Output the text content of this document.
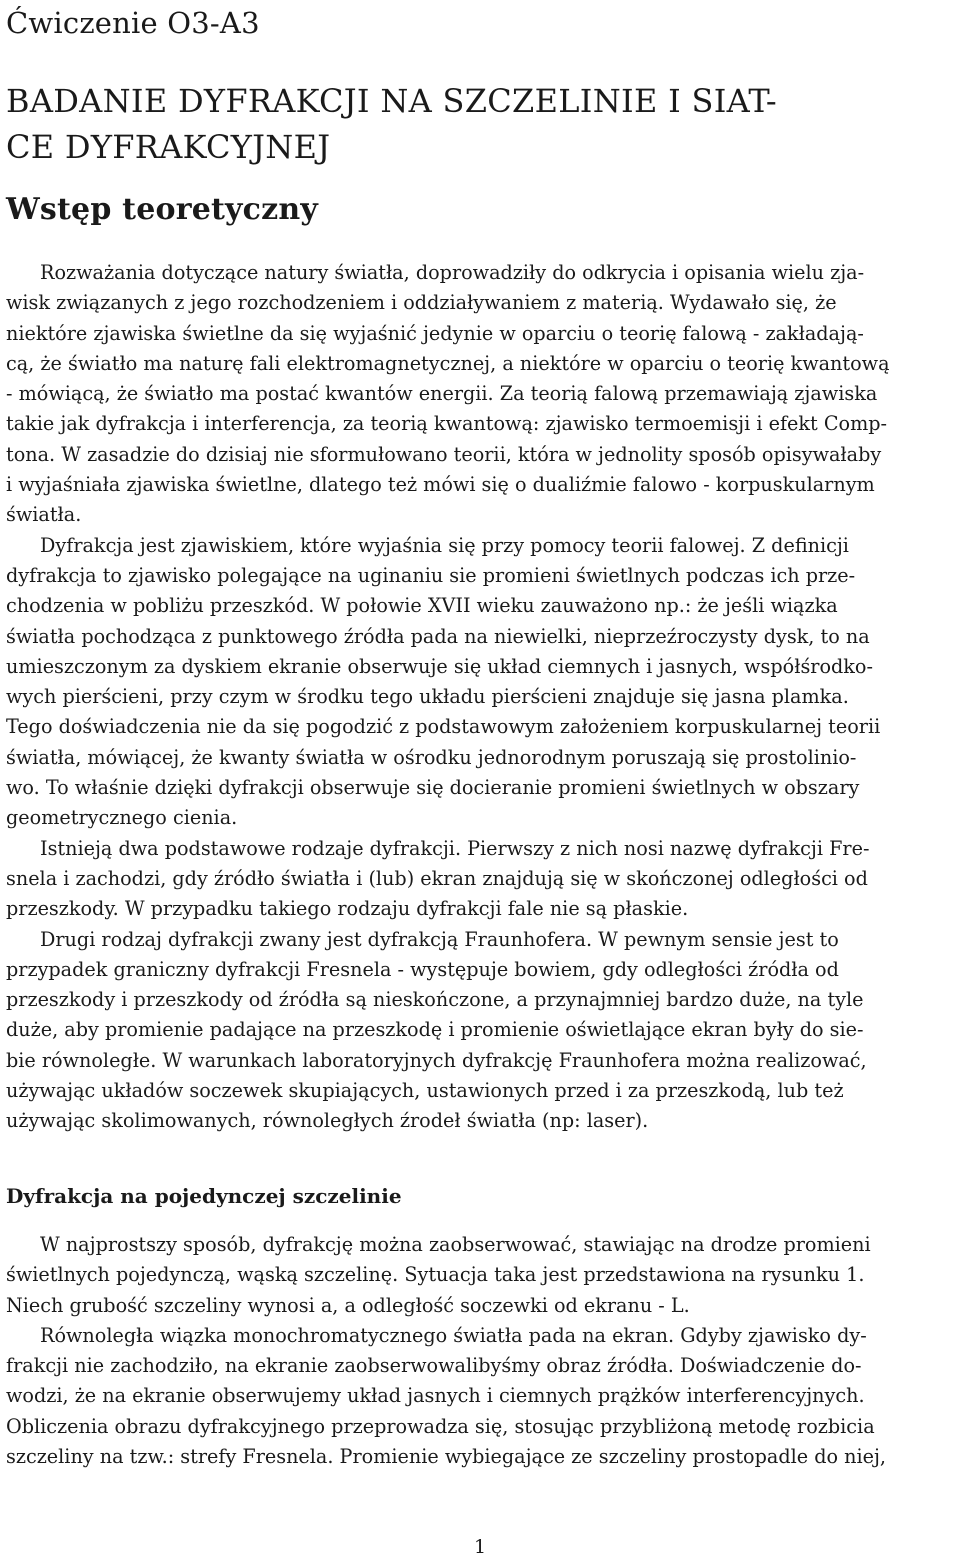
Ćwiczenie O3-A3
BADANIE DYFRAKCJI NA SZCZELINIE I SIAT-
CE DYFRAKCYJNEJ
Wstęp teoretyczny
Rozważania dotyczące natury światła, doprowadziły do odkrycia i opisania wielu zja-
wisk związanych z jego rozchodzeniem i oddziaływaniem z materią. Wydawało się, że
niektóre zjawiska świetlne da się wyjaśnić jedynie w oparciu o teorię falową - zakładają-
cą, że światło ma naturę fali elektromagnetycznej, a niektóre w oparciu o teorię kwantową
- mówiącą, że światło ma postać kwantów energii. Za teorią falową przemawiają zjawiska
takie jak dyfrakcja i interferencja, za teorią kwantową: zjawisko termoemisji i efekt Comp-
tona. W zasadzie do dzisiaj nie sformułowano teorii, która w jednolity sposób opisywałaby
i wyjaśniała zjawiska świetlne, dlatego też mówi się o dualiźmie falowo - korpuskularnym
światła.
Dyfrakcja jest zjawiskiem, które wyjaśnia się przy pomocy teorii falowej. Z definicji
dyfrakcja to zjawisko polegające na uginaniu sie promieni świetlnych podczas ich prze-
chodzenia w pobliżu przeszkód. W połowie XVII wieku zauważono np.: że jeśli wiązka
światła pochodząca z punktowego źródła pada na niewielki, nieprzeźroczysty dysk, to na
umieszczonym za dyskiem ekranie obserwuje się układ ciemnych i jasnych, współśrodko-
wych pierścieni, przy czym w środku tego układu pierścieni znajduje się jasna plamka.
Tego doświadczenia nie da się pogodzić z podstawowym założeniem korpuskularnej teorii
światła, mówiącej, że kwanty światła w ośrodku jednorodnym poruszają się prostolinio-
wo. To właśnie dzięki dyfrakcji obserwuje się docieranie promieni świetlnych w obszary
geometrycznego cienia.
Istnieją dwa podstawowe rodzaje dyfrakcji. Pierwszy z nich nosi nazwę dyfrakcji Fre-
snela i zachodzi, gdy źródło światła i (lub) ekran znajdują się w skończonej odległości od
przeszkody. W przypadku takiego rodzaju dyfrakcji fale nie są płaskie.
Drugi rodzaj dyfrakcji zwany jest dyfrakcją Fraunhofera. W pewnym sensie jest to
przypadek graniczny dyfrakcji Fresnela - występuje bowiem, gdy odległości źródła od
przeszkody i przeszkody od źródła są nieskończone, a przynajmniej bardzo duże, na tyle
duże, aby promienie padające na przeszkodę i promienie oświetlające ekran były do sie-
bie równoległe. W warunkach laboratoryjnych dyfrakcję Fraunhofera można realizować,
używając układów soczewek skupiających, ustawionych przed i za przeszkodą, lub też
używając skolimowanych, równoległych źrodeł światła (np: laser).
Dyfrakcja na pojedynczej szczelinie
W najprostszy sposób, dyfrakcję można zaobserwować, stawiając na drodze promieni
świetlnych pojedynczą, wąską szczelinę. Sytuacja taka jest przedstawiona na rysunku 1.
Niech grubość szczeliny wynosi a, a odległość soczewki od ekranu - L.
Równoległa wiązka monochromatycznego światła pada na ekran. Gdyby zjawisko dy-
frakcji nie zachodziło, na ekranie zaobserwowalibyśmy obraz źródła. Doświadczenie do-
wodzi, że na ekranie obserwujemy układ jasnych i ciemnych prążków interferencyjnych.
Obliczenia obrazu dyfrakcyjnego przeprowadza się, stosując przybliżoną metodę rozbicia
szczeliny na tzw.: strefy Fresnela. Promienie wybiegające ze szczeliny prostopadle do niej,
1
